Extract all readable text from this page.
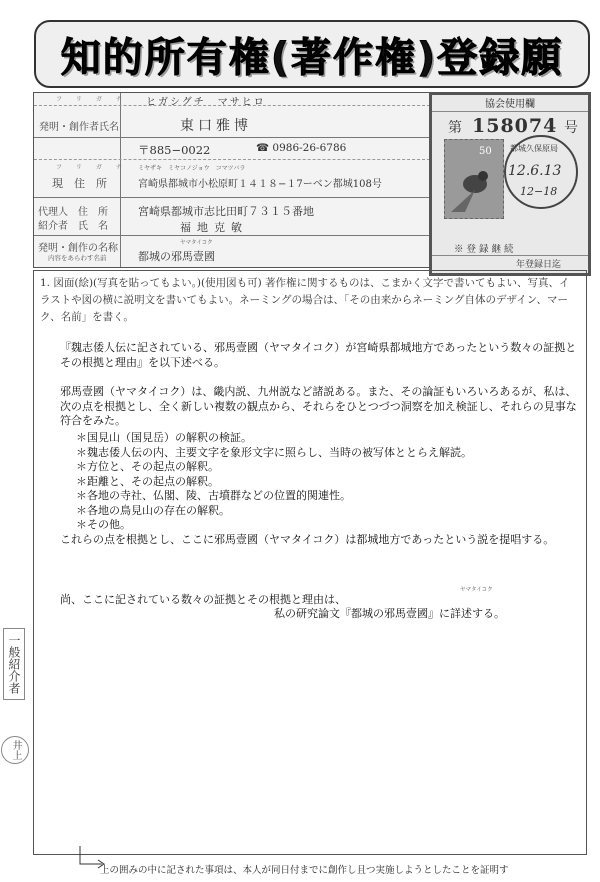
知的所有権(著作権)登録願
フ リ ガ ナ ヒガシグチ　マサヒロ
発明・創作者氏名	東口雅博
フ リ ガ ナ
現　住　所
〒885−0022	☎ 0986-26-6786
ミヤザキ　ミヤコノジョウ　コマツバラ
宮崎県都城市小松原町１４１８−１7ーベン都城108号
代理人
紹介者
住　所
氏　名
宮崎県都城市志比田町７３１５番地
福地克敏
発明・創作の名称
内容をあらわす名前
ヤマタイコク
都城の邪馬壹國
協会使用欄
第 158074 号
50 都城久保原局
12.6.13
12−18
※登録継続
年登録日迄
1. 図面(絵)(写真を貼ってもよい。)(使用図も可) 著作権に関するものは、こまかく文字で書いてもよい、写真、イラストや図の横に説明文を書いてもよい。ネーミングの場合は、「その由来からネーミング自体のデザイン、マーク、名前」を書く。
『魏志倭人伝に記されている、邪馬壹國（ヤマタイコク）が宮崎県都城地方であったという数々の証拠とその根拠と理由』を以下述べる。
邪馬壹國（ヤマタイコク）は、畿内説、九州説など諸説ある。また、その論証もいろいろあるが、私は、次の点を根拠とし、全く新しい複数の観点から、それらをひとつづつ洞察を加え検証し、それらの見事な符合をみた。
＊国見山（国見岳）の解釈の検証。
＊魏志倭人伝の内、主要文字を象形文字に照らし、当時の被写体ととらえ解読。
＊方位と、その起点の解釈。
＊距離と、その起点の解釈。
＊各地の寺社、仏閣、陵、古墳群などの位置的関連性。
＊各地の鳥見山の存在の解釈。
＊その他。
これらの点を根拠とし、ここに邪馬壹國（ヤマタイコク）は都城地方であったという説を提唱する。
尚、ここに記されている数々の証拠とその根拠と理由は、
ヤマタイコク
私の研究論文『都城の邪馬壹國』に詳述する。
一般紹介者
井上
上の囲みの中に記された事項は、本人が同日付までに創作し且つ実施しようとしたことを証明す
